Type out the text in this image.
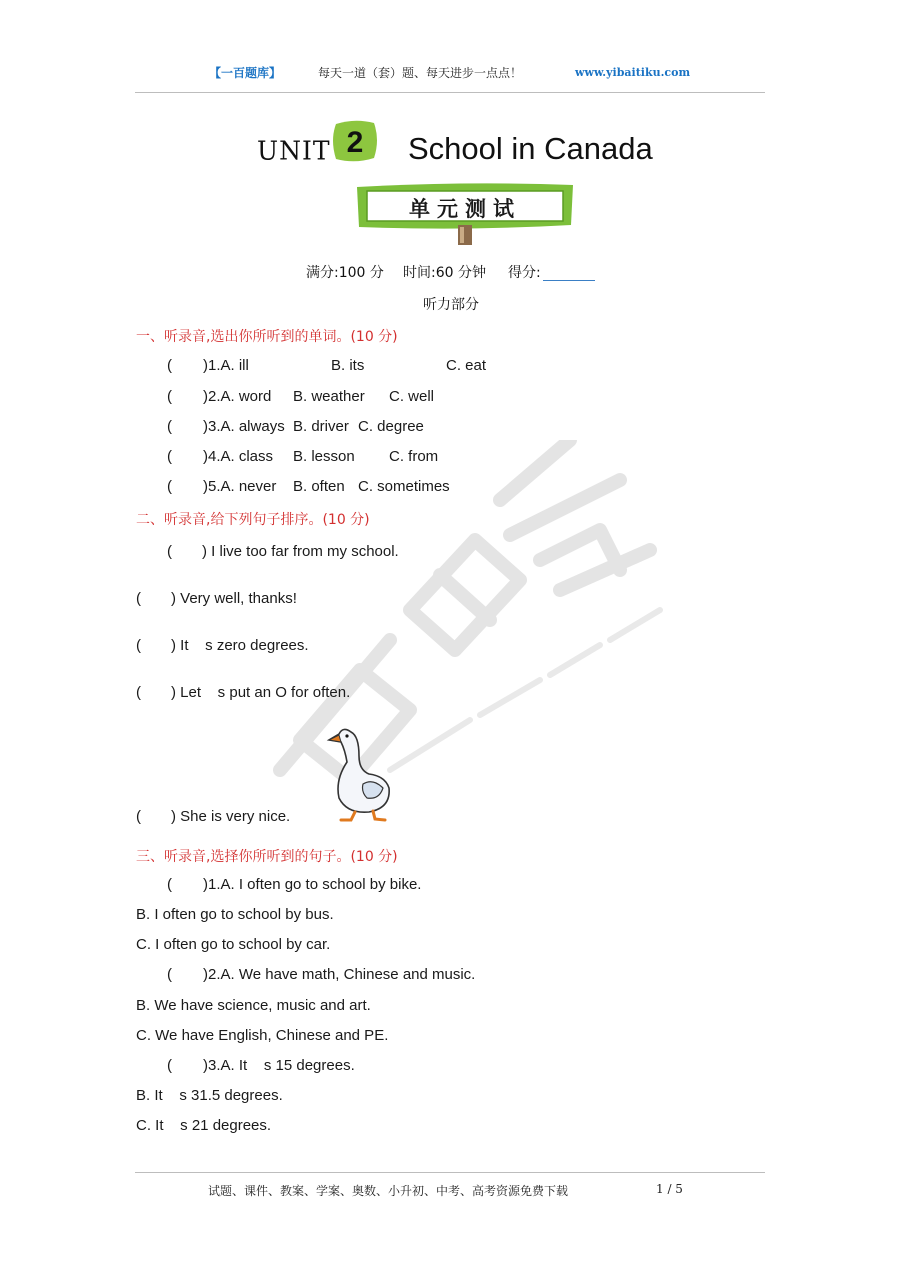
【一百题库】	每天一道（套）题、每天进步一点点！	www.yibaitiku.com
UNIT 2 School in Canada
单元测试
满分:100 分 时间:60 分钟 得分:
听力部分
一、听录音,选出你所听到的单词。(10 分)
( )1.A. ill	B. its	C. eat
( )2.A. word B. weather C. well
( )3.A. always B. driver C. degree
( )4.A. class B. lesson C. from
( )5.A. never B. often C. sometimes
二、听录音,给下列句子排序。(10 分)
( ) I live too far from my school.
( ) Very well, thanks!
( ) It    s zero degrees.
( ) Let    s put an O for often.
( ) She is very nice.
三、听录音,选择你所听到的句子。(10 分)
( )1.A. I often go to school by bike.
B. I often go to school by bus.
C. I often go to school by car.
( )2.A. We have math, Chinese and music.
B. We have science, music and art.
C. We have English, Chinese and PE.
( )3.A. It    s 15 degrees.
B. It    s 31.5 degrees.
C. It    s 21 degrees.
试题、课件、教案、学案、奥数、小升初、中考、高考资源免费下载	1 / 5
